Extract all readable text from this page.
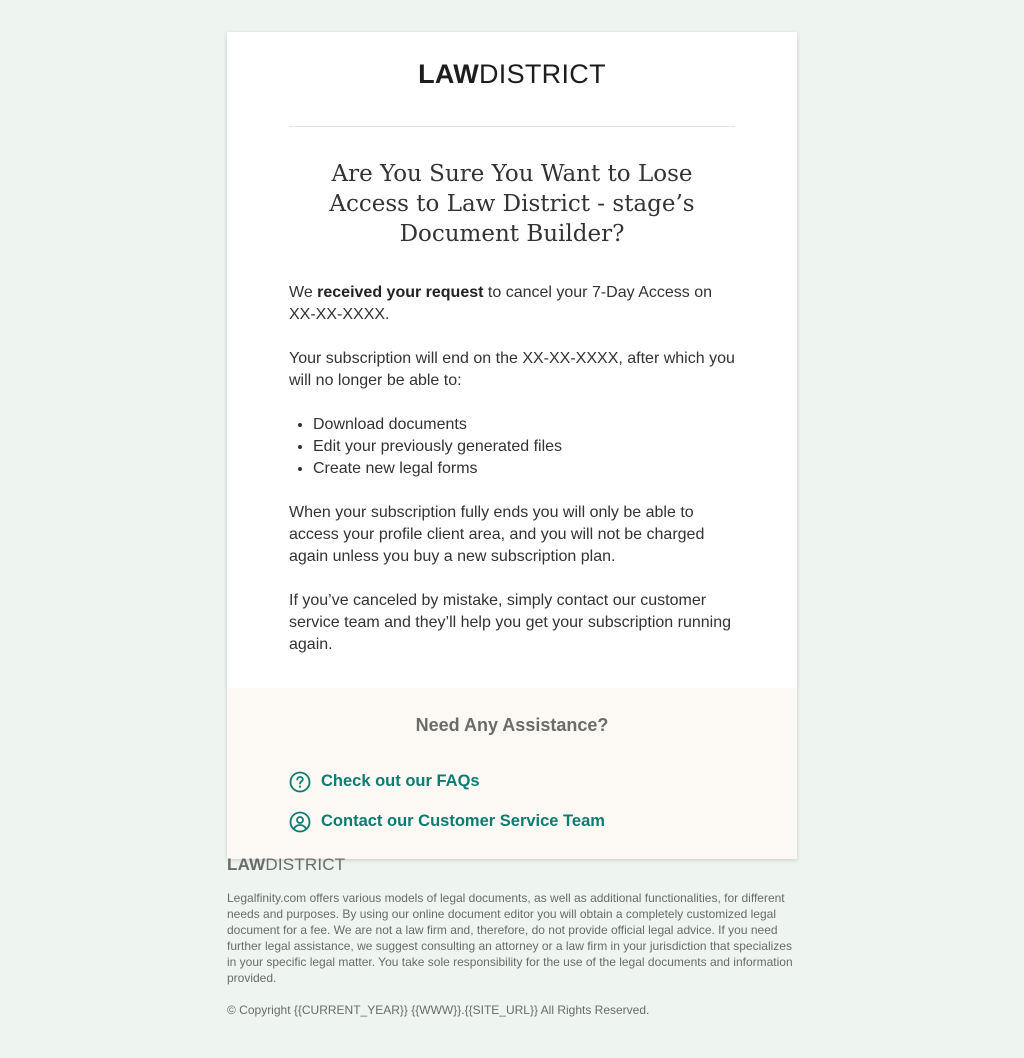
LAW DISTRICT
Are You Sure You Want to Lose Access to Law District - stage’s Document Builder?

We received your request to cancel your 7-Day Access on XX-XX-XXXX.

Your subscription will end on the XX-XX-XXXX, after which you will no longer be able to:

• Download documents
• Edit your previously generated files
• Create new legal forms

When your subscription fully ends you will only be able to access your profile client area, and you will not be charged again unless you buy a new subscription plan.

If you’ve canceled by mistake, simply contact our customer service team and they’ll help you get your subscription running again.

Need Any Assistance?
Check out our FAQs
Contact our Customer Service Team
LAWDISTRICT
Legalfinity.com offers various models of legal documents, as well as additional functionalities, for different needs and purposes. By using our online document editor you will obtain a completely customized legal document for a fee. We are not a law firm and, therefore, do not provide official legal advice. If you need further legal assistance, we suggest consulting an attorney or a law firm in your jurisdiction that specializes in your specific legal matter. You take sole responsibility for the use of the legal documents and information provided.
© Copyright {{CURRENT_YEAR}} {{WWW}}.{{SITE_URL}} All Rights Reserved.
